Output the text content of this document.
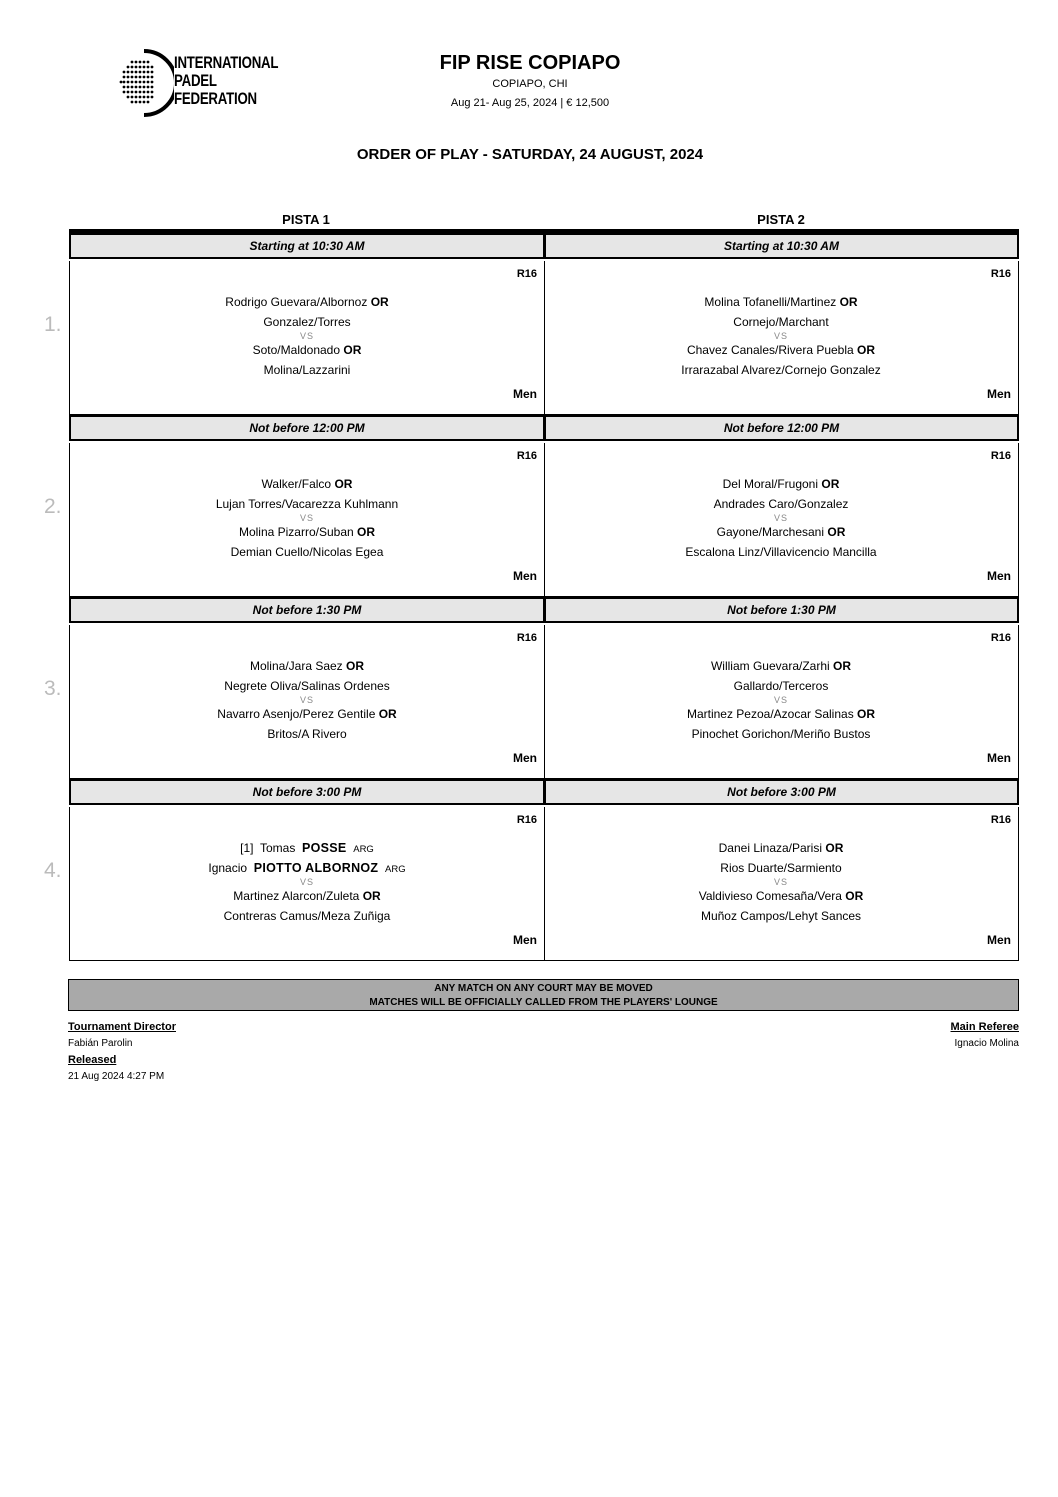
INTERNATIONAL
PADEL
FEDERATION
FIP RISE COPIAPO
COPIAPO, CHI
Aug 21- Aug 25, 2024 | € 12,500
ORDER OF PLAY - SATURDAY, 24 AUGUST, 2024
PISTA 1	PISTA 2
1.
Starting at 10:30 AM
R16
Rodrigo Guevara/Albornoz OR
Gonzalez/Torres
VS
Soto/Maldonado OR
Molina/Lazzarini
Men
Starting at 10:30 AM
R16
Molina Tofanelli/Martinez OR
Cornejo/Marchant
VS
Chavez Canales/Rivera Puebla OR
Irrarazabal Alvarez/Cornejo Gonzalez
Men
2.
Not before 12:00 PM
R16
Walker/Falco OR
Lujan Torres/Vacarezza Kuhlmann
VS
Molina Pizarro/Suban OR
Demian Cuello/Nicolas Egea
Men
Not before 12:00 PM
R16
Del Moral/Frugoni OR
Andrades Caro/Gonzalez
VS
Gayone/Marchesani OR
Escalona Linz/Villavicencio Mancilla
Men
3.
Not before 1:30 PM
R16
Molina/Jara Saez OR
Negrete Oliva/Salinas Ordenes
VS
Navarro Asenjo/Perez Gentile OR
Britos/A Rivero
Men
Not before 1:30 PM
R16
William Guevara/Zarhi OR
Gallardo/Terceros
VS
Martinez Pezoa/Azocar Salinas OR
Pinochet Gorichon/Meriño Bustos
Men
4.
Not before 3:00 PM
R16
[1] Tomas POSSE ARG
Ignacio PIOTTO ALBORNOZ ARG
VS
Martinez Alarcon/Zuleta OR
Contreras Camus/Meza Zuñiga
Men
Not before 3:00 PM
R16
Danei Linaza/Parisi OR
Rios Duarte/Sarmiento
VS
Valdivieso Comesaña/Vera OR
Muñoz Campos/Lehyt Sances
Men
ANY MATCH ON ANY COURT MAY BE MOVED
MATCHES WILL BE OFFICIALLY CALLED FROM THE PLAYERS' LOUNGE
Tournament Director
Fabián Parolin
Released
21 Aug 2024 4:27 PM
Main Referee
Ignacio Molina
